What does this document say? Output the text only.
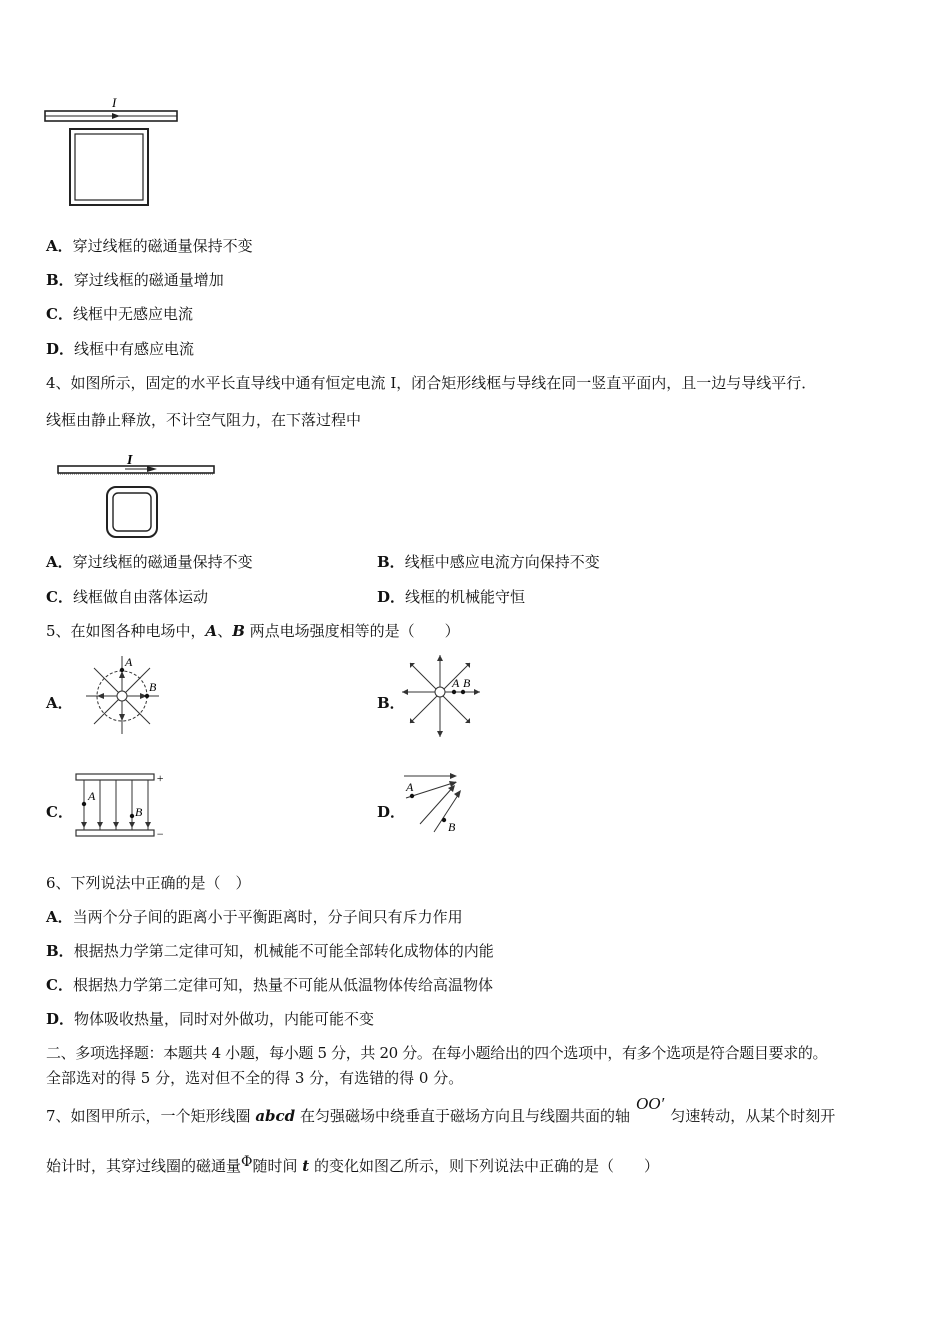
I
A．穿过线框的磁通量保持不变
B．穿过线框的磁通量增加
C．线框中无感应电流
D．线框中有感应电流
4、如图所示，固定的水平长直导线中通有恒定电流 I，闭合矩形线框与导线在同一竖直平面内，且一边与导线平行．
线框由静止释放，不计空气阻力，在下落过程中
I
A．穿过线框的磁通量保持不变	B．线框中感应电流方向保持不变
C．线框做自由落体运动	D．线框的机械能守恒
5、在如图各种电场中，A、B 两点电场强度相等的是（　　）
A．	B．
C．	D．
A
B	A B
A
B
+
−
A
B
6、下列说法中正确的是（　）
A．当两个分子间的距离小于平衡距离时，分子间只有斥力作用
B．根据热力学第二定律可知，机械能不可能全部转化成物体的内能
C．根据热力学第二定律可知，热量不可能从低温物体传给高温物体
D．物体吸收热量，同时对外做功，内能可能不变
二、多项选择题：本题共 4 小题，每小题 5 分，共 20 分。在每小题给出的四个选项中，有多个选项是符合题目要求的。
全部选对的得 5 分，选对但不全的得 3 分，有选错的得 0 分。
7、如图甲所示，一个矩形线圈 abcd 在匀强磁场中绕垂直于磁场方向且与线圈共面的轴OO′匀速转动，从某个时刻开
始计时，其穿过线圈的磁通量Φ随时间 t 的变化如图乙所示，则下列说法中正确的是（　　）
